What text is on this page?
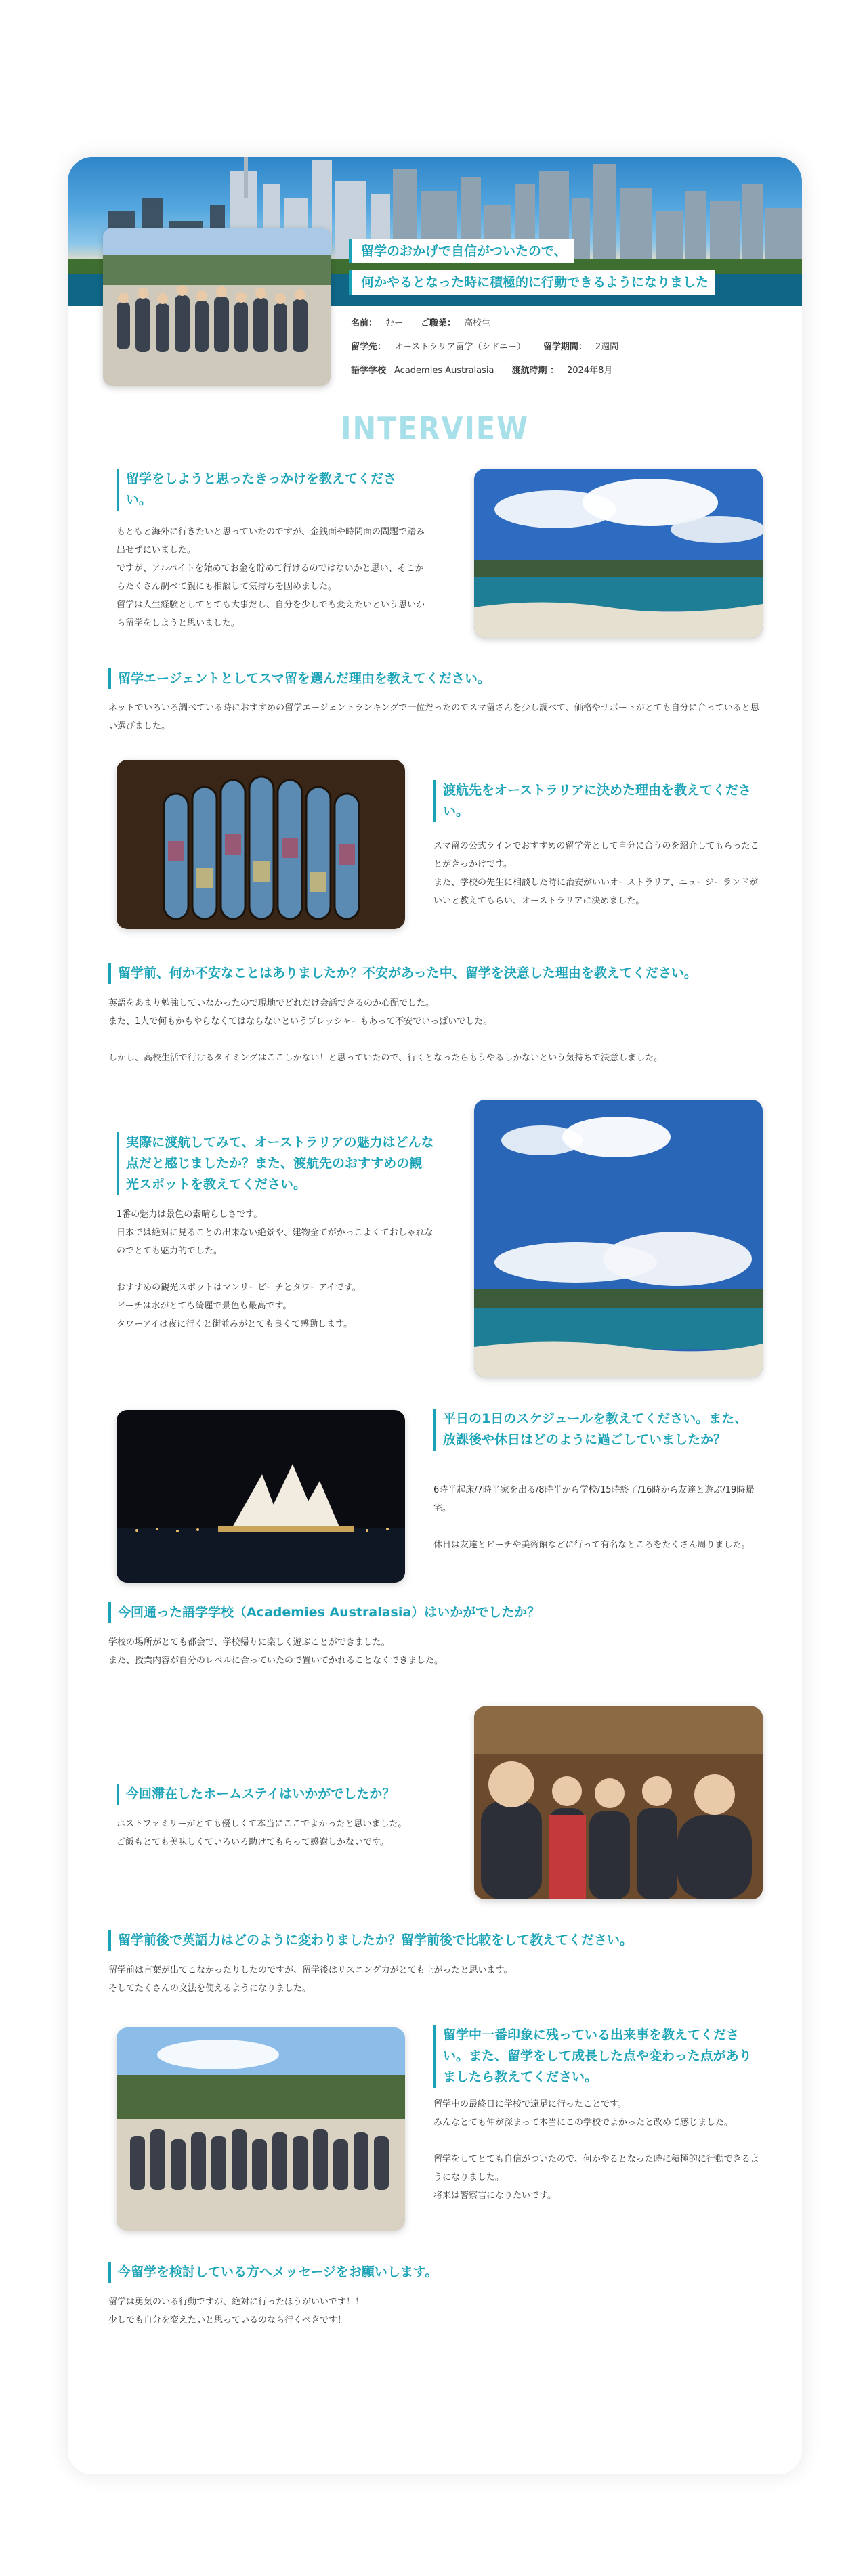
留学のおかげで自信がついたので、
何かやるとなった時に積極的に行動できるようになりました
名前： むー ご職業： 高校生
留学先： オーストラリア留学（シドニー） 留学期間： 2週間
語学学校 Academies Australasia 渡航時期 ： 2024年8月
INTERVIEW
留学をしようと思ったきっかけを教えてください。
もともと海外に行きたいと思っていたのですが、金銭面や時間面の問題で踏み出せずにいました。
ですが、アルバイトを始めてお金を貯めて行けるのではないかと思い、そこからたくさん調べて親にも相談して気持ちを固めました。
留学は人生経験としてとても大事だし、自分を少しでも変えたいという思いから留学をしようと思いました。
留学エージェントとしてスマ留を選んだ理由を教えてください。
ネットでいろいろ調べている時におすすめの留学エージェントランキングで一位だったのでスマ留さんを少し調べて、価格やサポートがとても自分に合っていると思い選びました。
渡航先をオーストラリアに決めた理由を教えてください。
スマ留の公式ラインでおすすめの留学先として自分に合うのを紹介してもらったことがきっかけです。
また、学校の先生に相談した時に治安がいいオーストラリア、ニュージーランドがいいと教えてもらい、オーストラリアに決めました。
留学前、何か不安なことはありましたか？不安があった中、留学を決意した理由を教えてください。
英語をあまり勉強していなかったので現地でどれだけ会話できるのか心配でした。
また、1人で何もかもやらなくてはならないというプレッシャーもあって不安でいっぱいでした。

しかし、高校生活で行けるタイミングはここしかない！と思っていたので、行くとなったらもうやるしかないという気持ちで決意しました。
実際に渡航してみて、オーストラリアの魅力はどんな点だと感じましたか？また、渡航先のおすすめの観光スポットを教えてください。
1番の魅力は景色の素晴らしさです。
日本では絶対に見ることの出来ない絶景や、建物全てがかっこよくておしゃれなのでとても魅力的でした。

おすすめの観光スポットはマンリービーチとタワーアイです。
ビーチは水がとても綺麗で景色も最高です。
タワーアイは夜に行くと街並みがとても良くて感動します。
平日の1日のスケジュールを教えてください。また、放課後や休日はどのように過ごしていましたか？
6時半起床/7時半家を出る/8時半から学校/15時終了/16時から友達と遊ぶ/19時帰宅。

休日は友達とビーチや美術館などに行って有名なところをたくさん周りました。
今回通った語学学校（Academies Australasia）はいかがでしたか？
学校の場所がとても都会で、学校帰りに楽しく遊ぶことができました。
また、授業内容が自分のレベルに合っていたので置いてかれることなくできました。
今回滞在したホームステイはいかがでしたか？
ホストファミリーがとても優しくて本当にここでよかったと思いました。
ご飯もとても美味しくていろいろ助けてもらって感謝しかないです。
留学前後で英語力はどのように変わりましたか？留学前後で比較をして教えてください。
留学前は言葉が出てこなかったりしたのですが、留学後はリスニング力がとても上がったと思います。
そしてたくさんの文法を使えるようになりました。
留学中一番印象に残っている出来事を教えてください。また、留学をして成長した点や変わった点がありましたら教えてください。
留学中の最終日に学校で遠足に行ったことです。
みんなとても仲が深まって本当にこの学校でよかったと改めて感じました。

留学をしてとても自信がついたので、何かやるとなった時に積極的に行動できるようになりました。
将来は警察官になりたいです。
今留学を検討している方へメッセージをお願いします。
留学は勇気のいる行動ですが、絶対に行ったほうがいいです！！
少しでも自分を変えたいと思っているのなら行くべきです！
